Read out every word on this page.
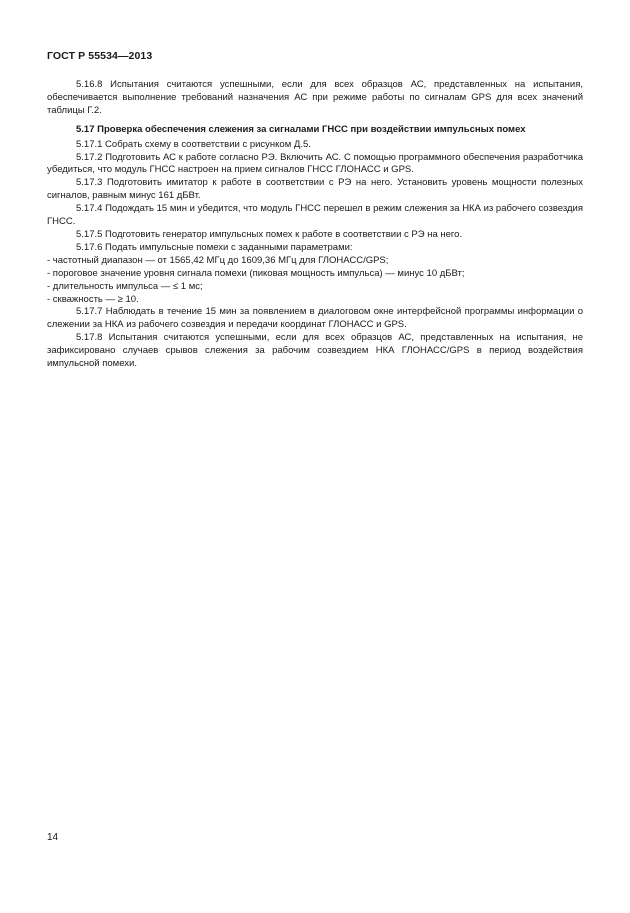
ГОСТ Р 55534—2013

5.16.8 Испытания считаются успешными, если для всех образцов АС, представленных на испытания, обеспечивается выполнение требований назначения АС при режиме работы по сигналам GPS для всех значений таблицы Г.2.

5.17 Проверка обеспечения слежения за сигналами ГНСС при воздействии импульсных помех

5.17.1 Собрать схему в соответствии с рисунком Д.5.

5.17.2 Подготовить АС к работе согласно РЭ. Включить АС. С помощью программного обеспечения разработчика убедиться, что модуль ГНСС настроен на прием сигналов ГНСС ГЛОНАСС и GPS.

5.17.3 Подготовить имитатор к работе в соответствии с РЭ на него. Установить уровень мощности полезных сигналов, равным минус 161 дБВт.

5.17.4 Подождать 15 мин и убедится, что модуль ГНСС перешел в режим слежения за НКА из рабочего созвездия ГНСС.

5.17.5 Подготовить генератор импульсных помех к работе в соответствии с РЭ на него.

5.17.6 Подать импульсные помехи с заданными параметрами:

- частотный диапазон — от 1565,42 МГц до 1609,36 МГц для ГЛОНАСС/GPS;

- пороговое значение уровня сигнала помехи (пиковая мощность импульса) — минус 10 дБВт;

- длительность импульса — ≤ 1 мс;

- скважность — ≥ 10.

5.17.7 Наблюдать в течение 15 мин за появлением в диалоговом окне интерфейсной программы информации о слежении за НКА из рабочего созвездия и передачи координат ГЛОНАСС и GPS.

5.17.8 Испытания считаются успешными, если для всех образцов АС, представленных на испытания, не зафиксировано случаев срывов слежения за рабочим созвездием НКА ГЛОНАСС/GPS в период воздействия импульсной помехи.

14
